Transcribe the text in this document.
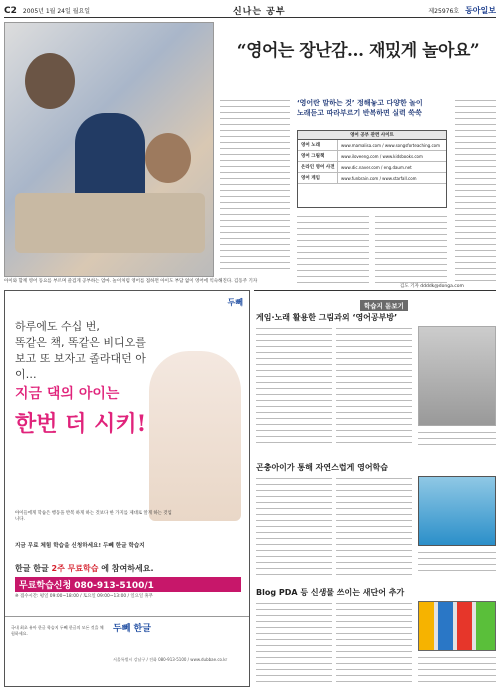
C2 2005년 1월 24일 월요일	신나는 공부	제25976호 동아일보
아이와 함께 영어 동요를 부르며 즐겁게 공부하는 엄마. 놀이처럼 영어를 접하면 아이도 부담 없이 영어에 익숙해진다. 김동주 기자
“영어는 장난감… 재밌게 놀아요”
‘영어란 말하는 것’ 정해놓고 다양한 놀이
노래듣고 따라부르기 반복하면 실력 쑥쑥
영어 공부 관련 사이트
영어 노래	www.mamalisa.com / www.songsforteaching.com
영어 그림책	www.iloveeng.com / www.kidsbooks.com
온라인 영어 사전	www.dic.naver.com / eng.daum.net
영어 게임	www.funbrain.com / www.starfall.com
김도 기자 ddddk@donga.com
두뻬
하루에도 수십 번,
똑같은 책, 똑같은 비디오를
보고 또 보자고 졸라대던 아이…
지금 댁의 아이는
한번 더 시키!
아이들에게 학습은 행동을 반복 하게 하는 것보다 한 가지를 제대로 알게 하는 것입니다.
지금 무료 체험 학습을 신청하세요! 두뻬 한글 학습지
한글 한글 2주 무료학습 에 참여하세요.
무료학습신청 080-913-5100/1
※ 접수시간: 평일 09:00~18:00 / 토요일 09:00~13:00 / 일요일 휴무
국내 최초 유아 한글 학습지 두뻬 한글의 모든 것을 체험하세요.	두뻬 한글
서울특별시 강남구 / 전화 080-913-5100 / www.dubbae.co.kr
학습지 돋보기
게임·노래 활용한 그림과외 ‘영어공부방’
곤충아이가 통해 자연스럽게 영어학습
Blog PDA 등 신생물 쓰이는 새단어 추가
